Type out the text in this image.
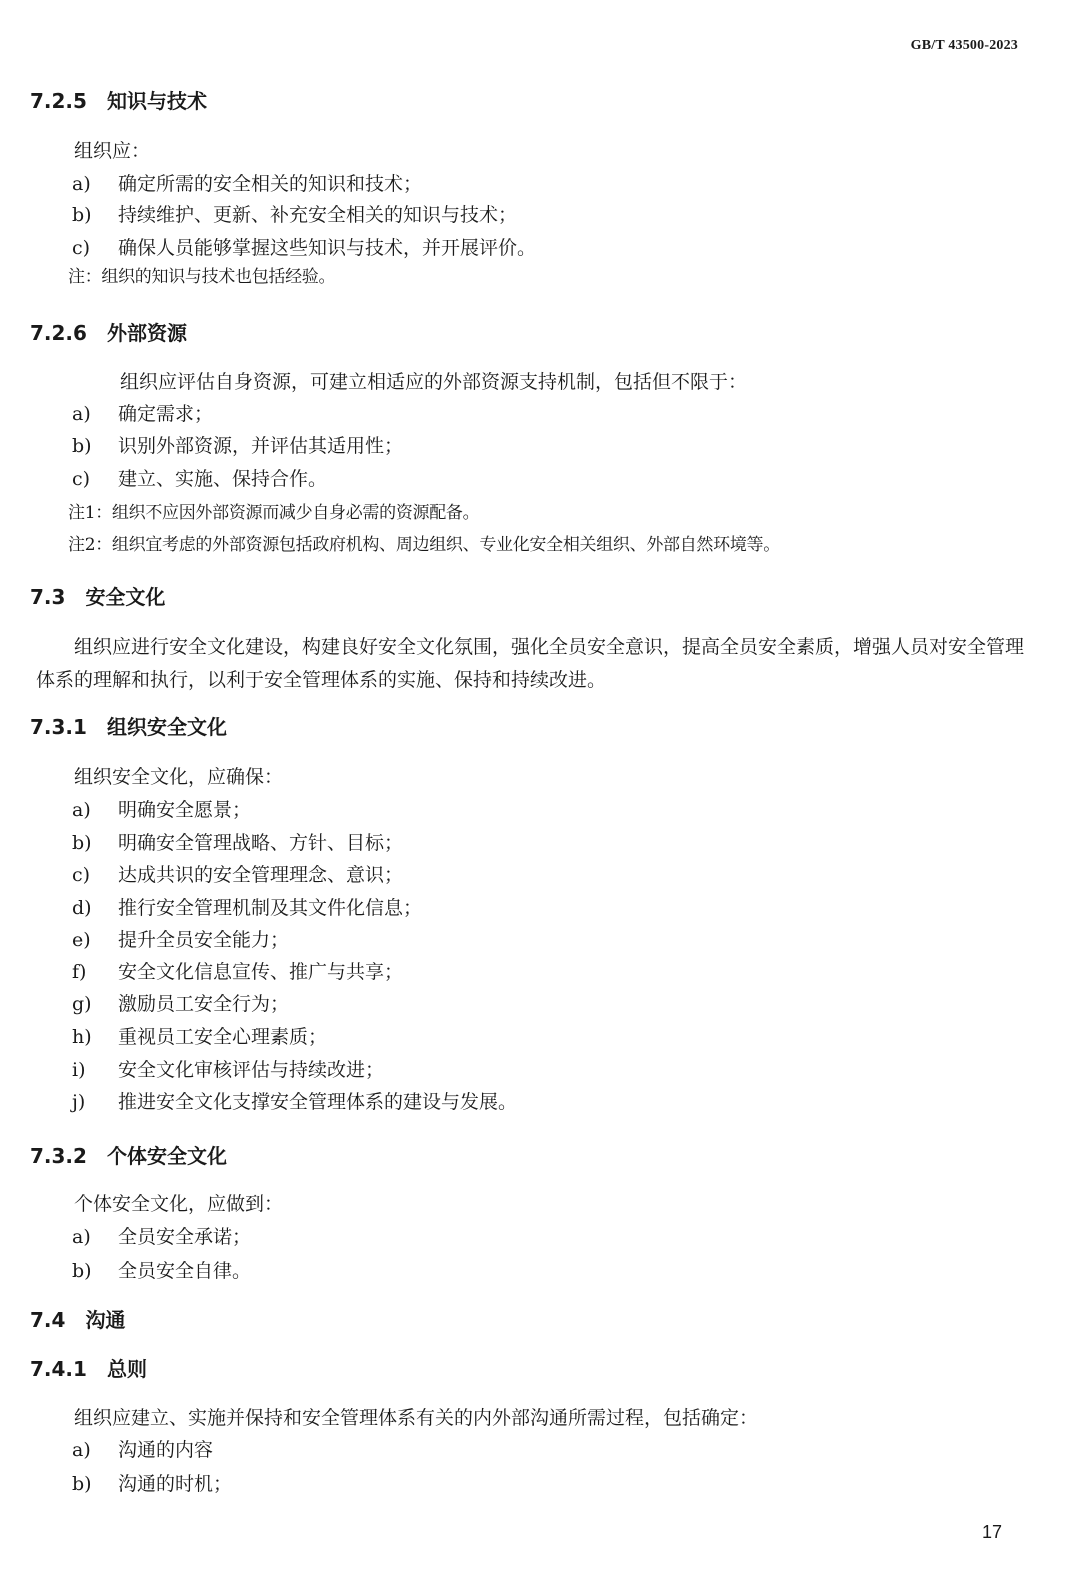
GB/T 43500-2023
7.2.5 知识与技术

组织应：

a) 确定所需的安全相关的知识和技术；

b) 持续维护、更新、补充安全相关的知识与技术；

c) 确保人员能够掌握这些知识与技术，并开展评价。

注：组织的知识与技术也包括经验。

7.2.6 外部资源

组织应评估自身资源，可建立相适应的外部资源支持机制，包括但不限于：

a) 确定需求；

b) 识别外部资源，并评估其适用性；

c) 建立、实施、保持合作。

注1：组织不应因外部资源而减少自身必需的资源配备。

注2：组织宜考虑的外部资源包括政府机构、周边组织、专业化安全相关组织、外部自然环境等。

7.3 安全文化

组织应进行安全文化建设，构建良好安全文化氛围，强化全员安全意识，提高全员安全素质，增强人员对安全管理体系的理解和执行，以利于安全管理体系的实施、保持和持续改进。

7.3.1 组织安全文化

组织安全文化，应确保：

a) 明确安全愿景；

b) 明确安全管理战略、方针、目标；

c) 达成共识的安全管理理念、意识；

d) 推行安全管理机制及其文件化信息；

e) 提升全员安全能力；

f) 安全文化信息宣传、推广与共享；

g) 激励员工安全行为；

h) 重视员工安全心理素质；

i) 安全文化审核评估与持续改进；

j) 推进安全文化支撑安全管理体系的建设与发展。

7.3.2 个体安全文化

个体安全文化，应做到：

a) 全员安全承诺；

b) 全员安全自律。

7.4 沟通
7.4.1 总则

组织应建立、实施并保持和安全管理体系有关的内外部沟通所需过程，包括确定：

a) 沟通的内容

b) 沟通的时机；

17
